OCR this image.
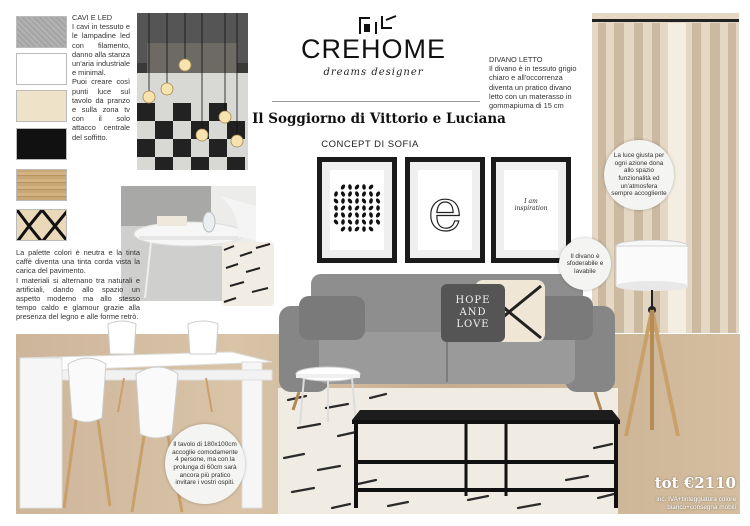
CAVI E LED
I cavi in tessuto e le lampadine led con filamento, danno alla stanza un'aria industriale e minimal.
Puoi creare così punti luce sul tavolo da pranzo e sulla zona tv con il solo attacco centrale del soffitto.
CREHOME
dreams designer
DIVANO LETTO
Il divano è in tessuto grigio chiaro e all'occorrenza diventa un pratico divano letto con un materasso in gommapiuma di 15 cm
Il Soggiorno di Vittorio e Luciana
CONCEPT DI SOFIA
e	I am inspiration
La palette colori è neutra e la tinta caffè diventa una tinta corda vista la carica del pavimento.
I materiali si alternano tra naturali e artificiali, dando allo spazio un aspetto moderno ma allo stesso tempo caldo e glamour grazie alla presenza del legno e alle forme retrò.
HOPE AND LOVE
La luce giusta per ogni azione dona allo spazio funzionalità ed un'atmosfera sempre accogliente
Il divano è sfoderabile e lavabile
Il tavolo di 180x100cm accoglie comodamente 4 persone, ma con la prolunga di 60cm sarà ancora più pratico invitare i vostri ospiti.	tot €2110
inc. IVA+tinteggiatura colore bianco+consegna mobili
